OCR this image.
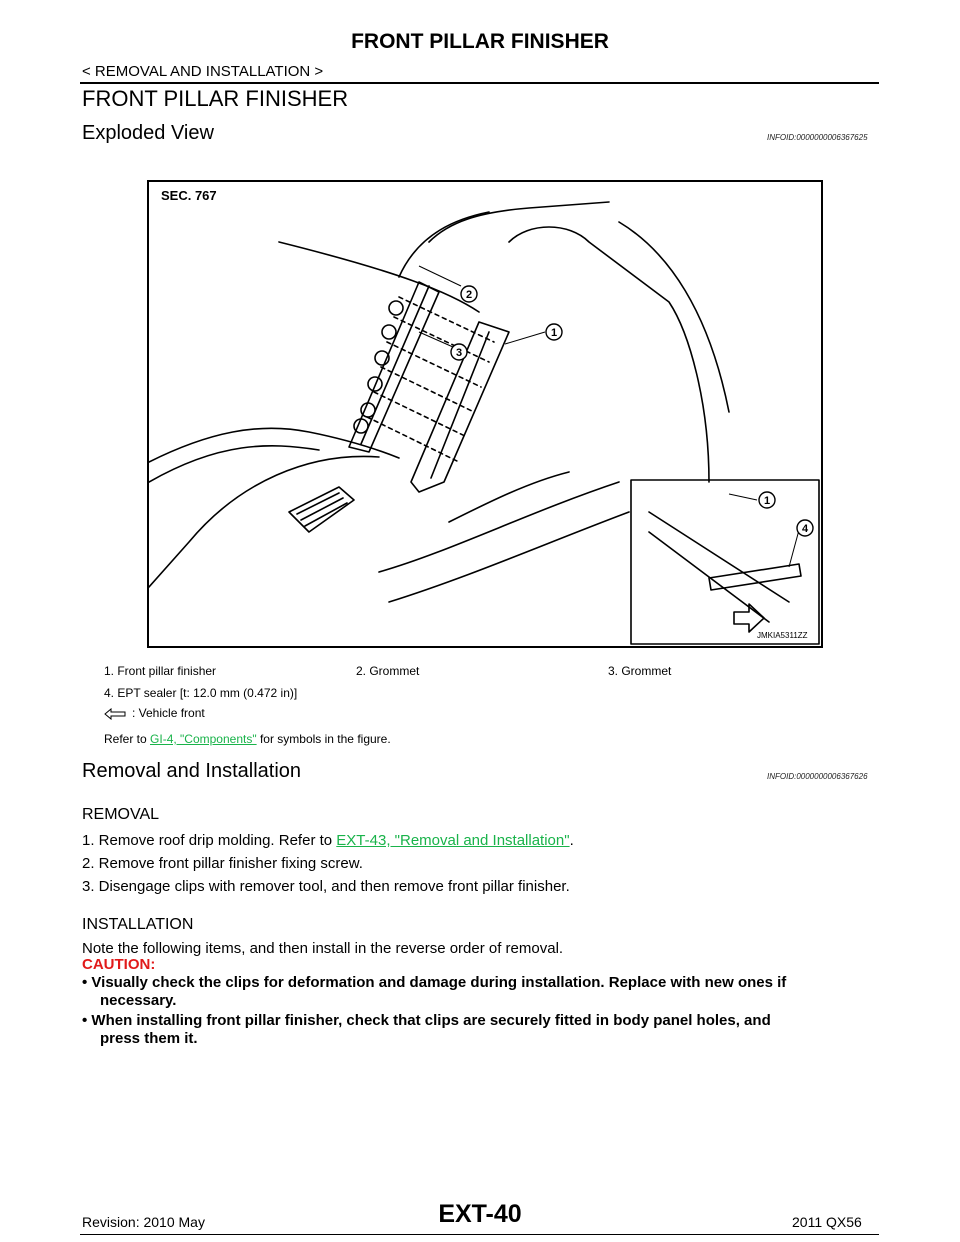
FRONT PILLAR FINISHER
< REMOVAL AND INSTALLATION >
FRONT PILLAR FINISHER
Exploded View	INFOID:0000000006367625
2
3
1
1
4
SEC. 767
JMKIA5311ZZ
1. Front pillar finisher	2. Grommet	3. Grommet
4. EPT sealer [t: 12.0 mm (0.472 in)]
: Vehicle front
Refer to GI-4, "Components" for symbols in the figure.
Removal and Installation	INFOID:0000000006367626
REMOVAL
1. Remove roof drip molding. Refer to EXT-43, "Removal and Installation".
2. Remove front pillar finisher fixing screw.
3. Disengage clips with remover tool, and then remove front pillar finisher.
INSTALLATION
Note the following items, and then install in the reverse order of removal.
CAUTION:
• Visually check the clips for deformation and damage during installation. Replace with new ones if
necessary.
• When installing front pillar finisher, check that clips are securely fitted in body panel holes, and
press them it.
EXT-40
Revision: 2010 May	2011 QX56
